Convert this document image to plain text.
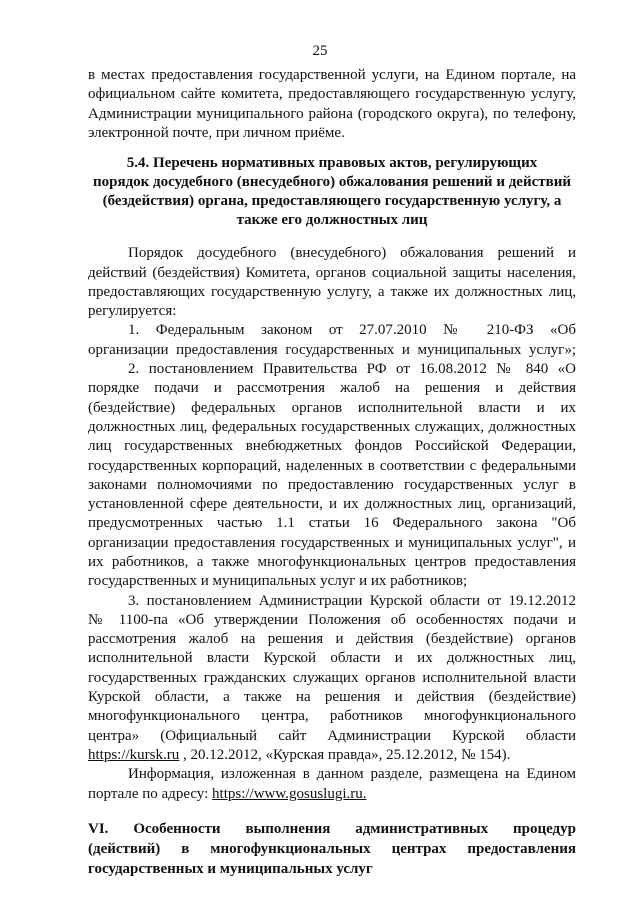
25
в местах предоставления государственной услуги, на Едином портале, на
официальном сайте комитета, предоставляющего государственную услугу,
Администрации муниципального района (городского округа), по телефону,
электронной почте, при личном приёме.
5.4. Перечень нормативных правовых актов, регулирующих
порядок досудебного (внесудебного) обжалования решений и действий
(бездействия) органа, предоставляющего государственную услугу, а
также его должностных лиц
Порядок досудебного (внесудебного) обжалования решений и
действий (бездействия) Комитета, органов социальной защиты населения,
предоставляющих государственную услугу, а также их должностных лиц,
регулируется:
1. Федеральным законом от 27.07.2010 № 210-ФЗ «Об
организации предоставления государственных и муниципальных услуг»;
2. постановлением Правительства РФ от 16.08.2012 № 840 «О
порядке подачи и рассмотрения жалоб на решения и действия
(бездействие) федеральных органов исполнительной власти и их
должностных лиц, федеральных государственных служащих, должностных
лиц государственных внебюджетных фондов Российской Федерации,
государственных корпораций, наделенных в соответствии с федеральными
законами полномочиями по предоставлению государственных услуг в
установленной сфере деятельности, и их должностных лиц, организаций,
предусмотренных частью 1.1 статьи 16 Федерального закона "Об
организации предоставления государственных и муниципальных услуг", и
их работников, а также многофункциональных центров предоставления
государственных и муниципальных услуг и их работников;
3. постановлением Администрации Курской области от 19.12.2012
№ 1100-па «Об утверждении Положения об особенностях подачи и
рассмотрения жалоб на решения и действия (бездействие) органов
исполнительной власти Курской области и их должностных лиц,
государственных гражданских служащих органов исполнительной власти
Курской области, а также на решения и действия (бездействие)
многофункционального центра, работников многофункционального
центра» (Официальный сайт Администрации Курской области
https://kursk.ru , 20.12.2012, «Курская правда», 25.12.2012, № 154).
Информация, изложенная в данном разделе, размещена на Едином
портале по адресу: https://www.gosuslugi.ru.
VI. Особенности выполнения административных процедур
(действий) в многофункциональных центрах предоставления
государственных и муниципальных услуг
